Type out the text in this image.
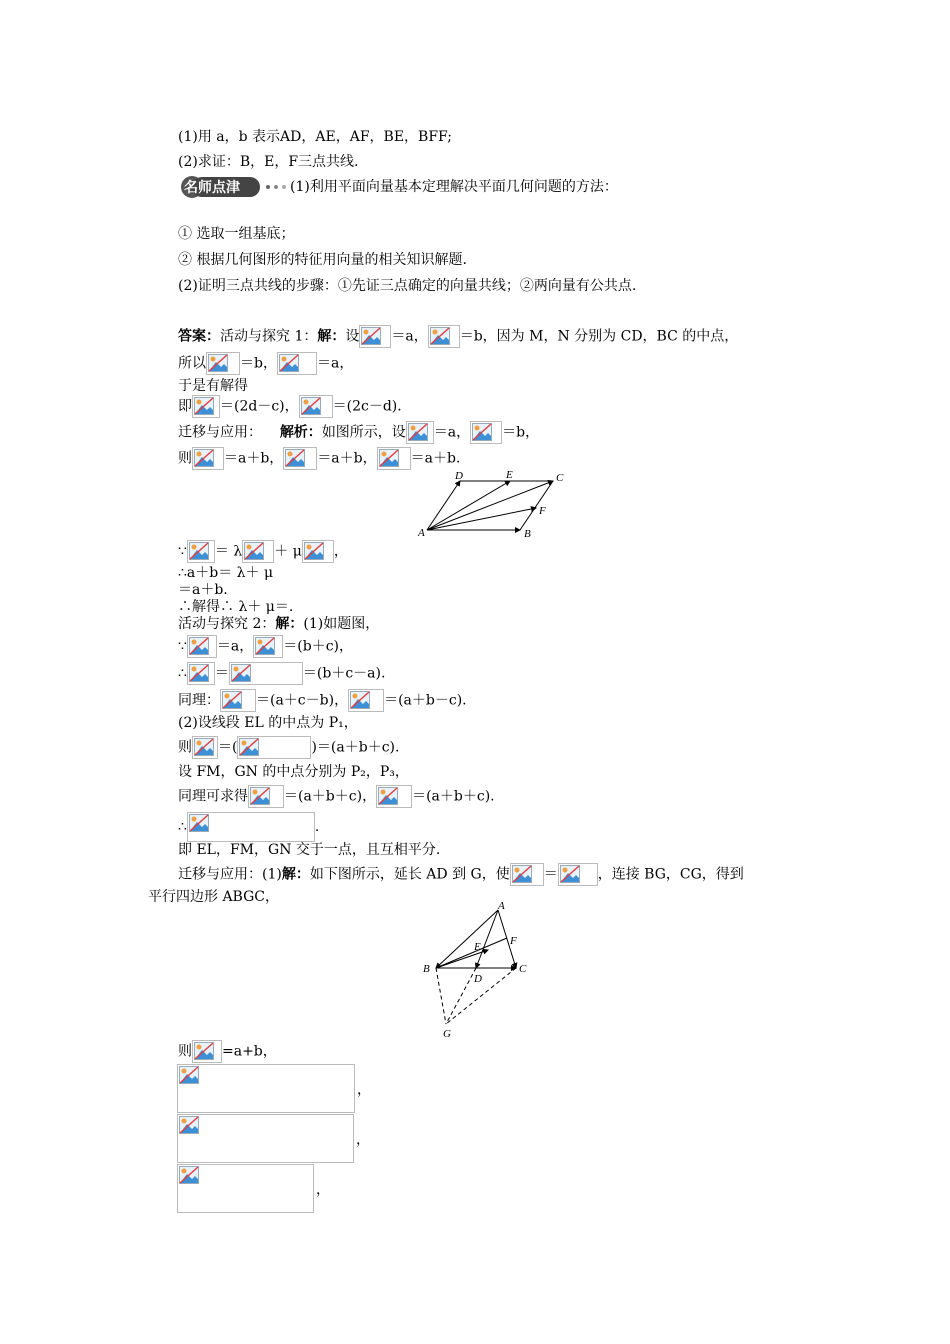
(1)用 a，b 表示AD，AE，AF，BE，BFF;
(2)求证：B，E，F三点共线.
名师点津	(1)利用平面向量基本定理解决平面几何问题的方法：
① 选取一组基底；
② 根据几何图形的特征用向量的相关知识解题.
(2)证明三点共线的步骤：①先证三点确定的向量共线；②两向量有公共点.
答案：活动与探究 1：解：设 ＝a， ＝b，因为 M，N 分别为 CD，BC 的中点，
所以 ＝b，	＝a，
于是有解得
即 ＝(2d－c)， ＝(2c－d).
迁移与应用： 解析：如图所示，设 ＝a， ＝b，
则 ＝a＋b， ＝a＋b， ＝a＋b.
D	E	C
A
F
B
∵ ＝ λ ＋ μ ，
∴a＋b＝ λ＋ μ
＝a＋b.
∴解得∴ λ＋ μ＝.
活动与探究 2：解：(1)如题图，
∵ ＝a， ＝(b＋c)，
∴ ＝	＝(b＋c－a).
同理：	＝(a＋c－b)，	＝(a＋b－c).
(2)设线段 EL 的中点为 P₁，
则 ＝(	)＝(a＋b＋c).
设 FM，GN 的中点分别为 P₂，P₃，
同理可求得	＝(a＋b＋c)，	＝(a＋b＋c).
∴	.
即 EL，FM，GN 交于一点，且互相平分.
迁移与应用：(1)解：如下图所示，延长 AD 到 G，使 ＝	，连接 BG，CG，得到
平行四边形 ABGC，
A
E	F
B
D
C
G
则 =a+b，
，
，
，
